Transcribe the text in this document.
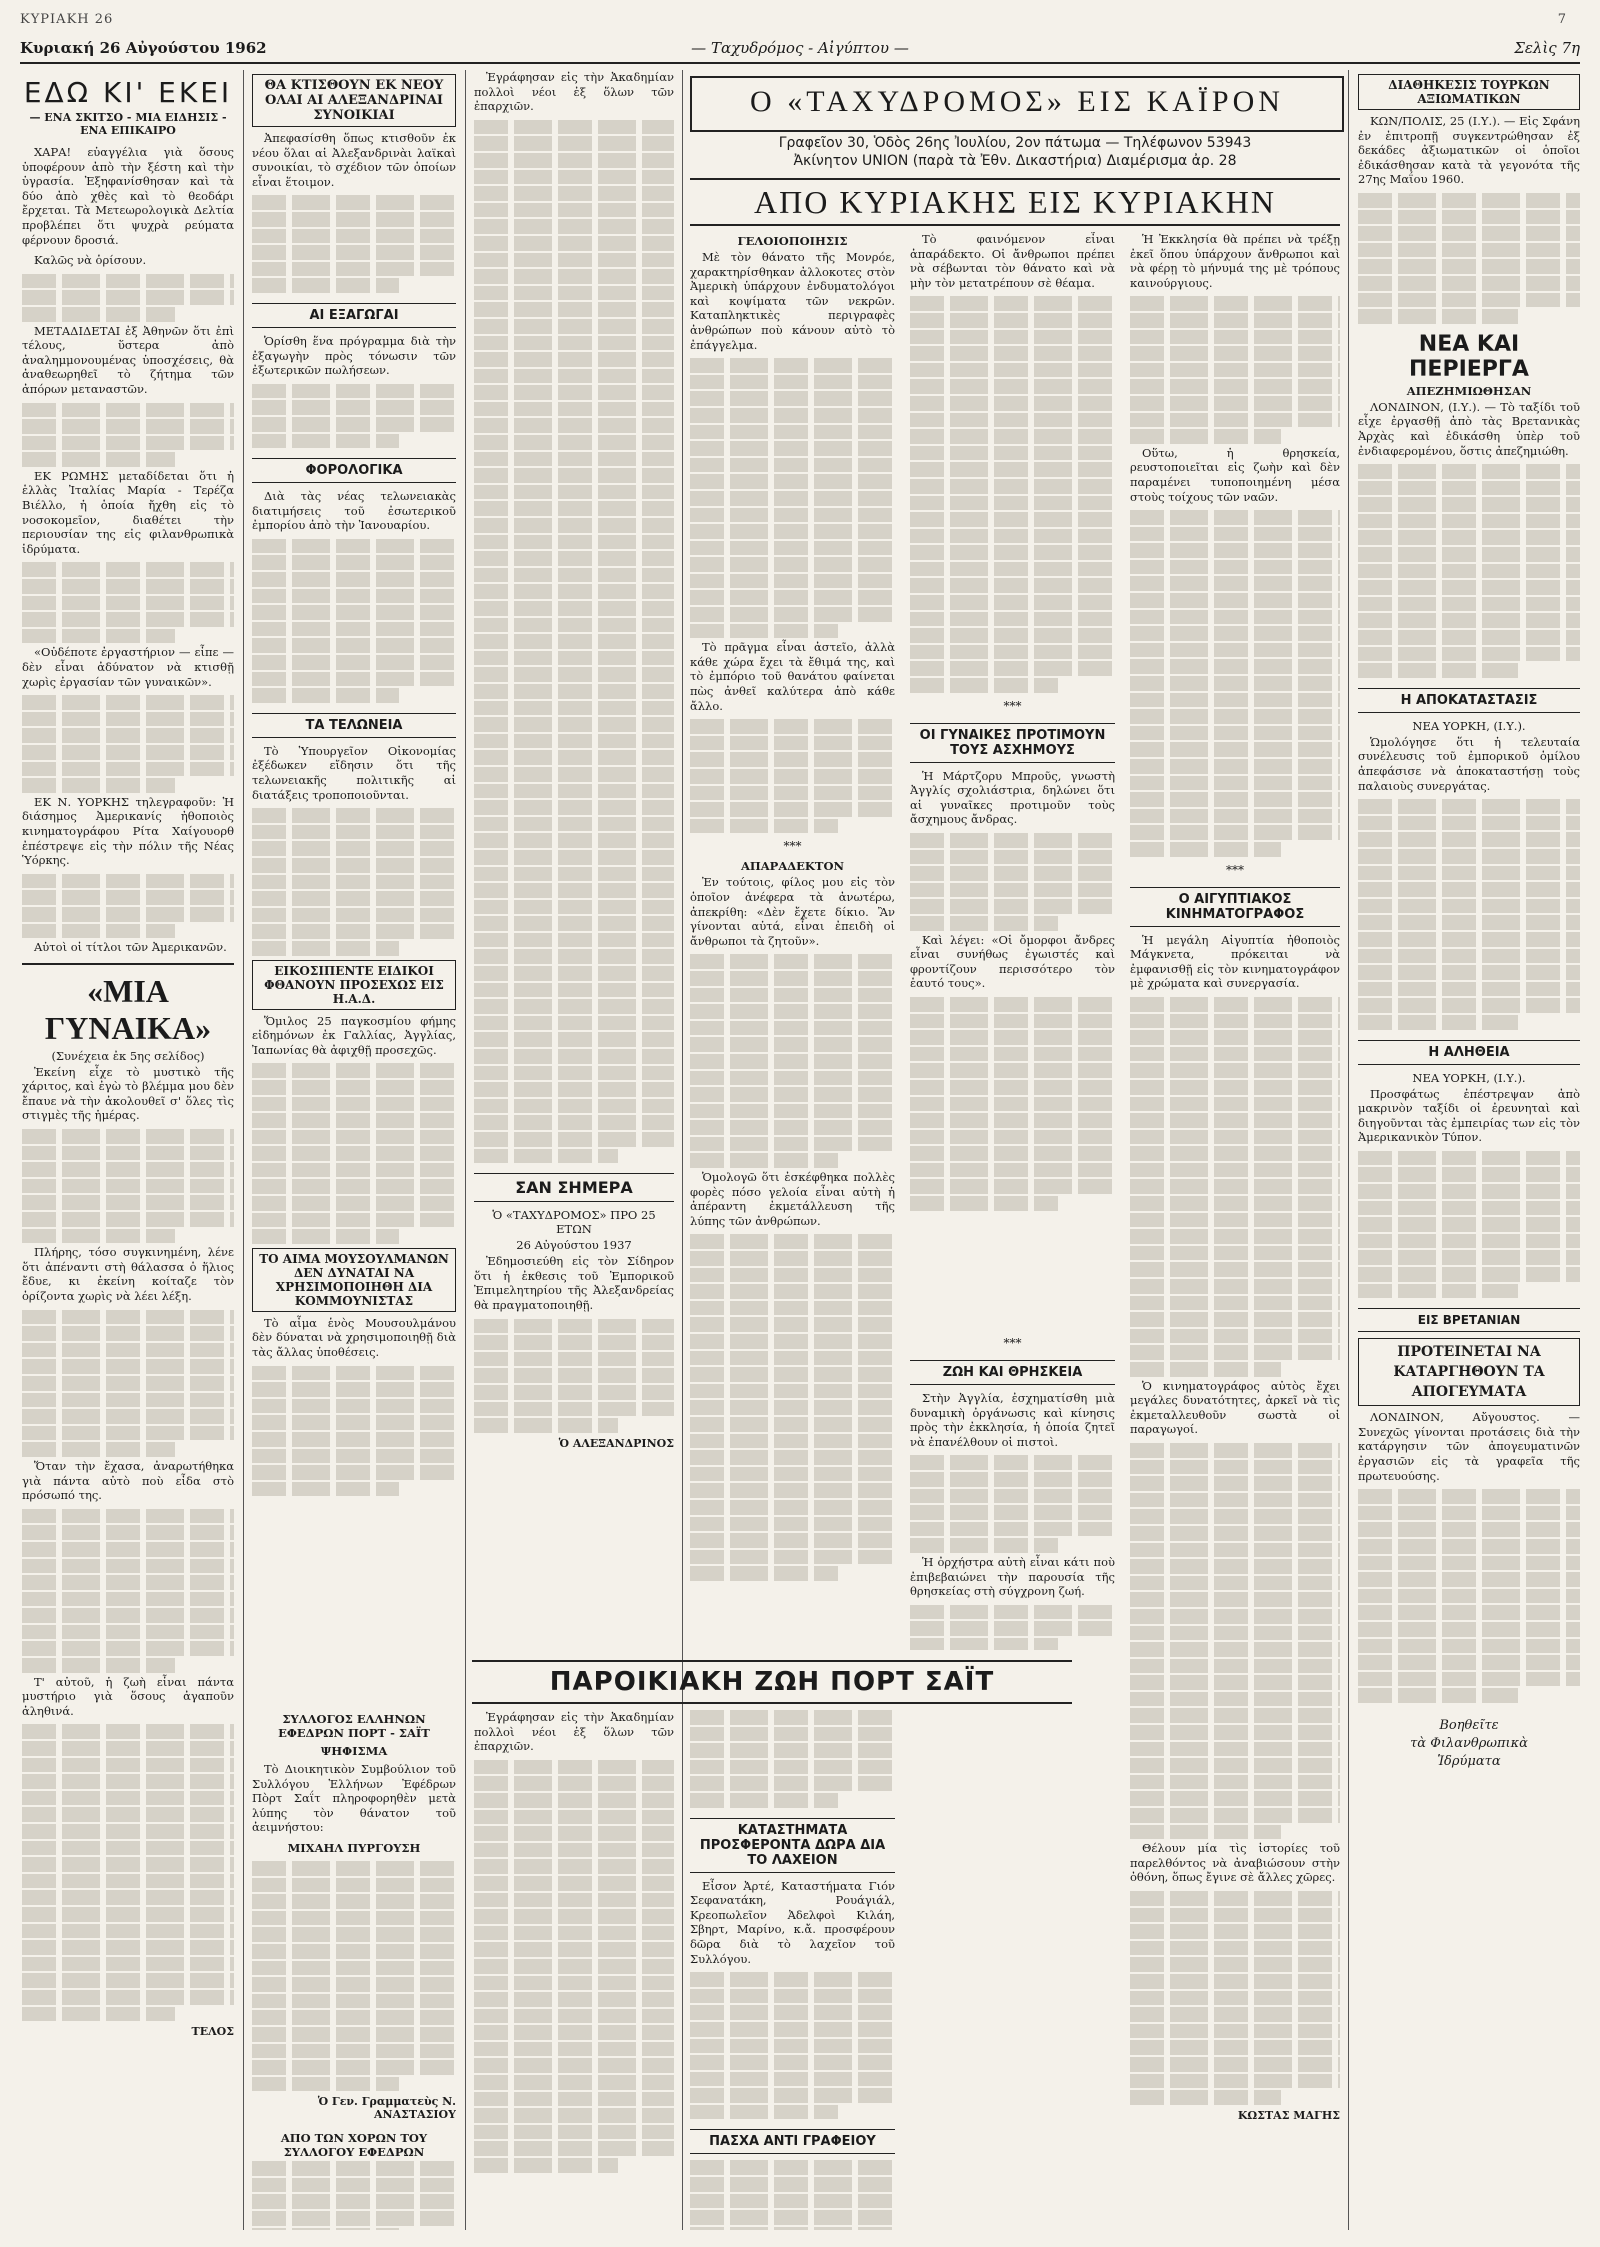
ΚΥΡΙΑΚΗ 26	7
Κυριακή 26 Αὐγούστου 1962	— Ταχυδρόμος - Αἰγύπτου —	Σελὶς 7η
ΕΔΩ ΚΙ' ΕΚΕΙ
— ΕΝΑ ΣΚΙΤΣΟ - ΜΙΑ ΕΙΔΗΣΙΣ - ΕΝΑ ΕΠΙΚΑΙΡΟ

ΧΑΡΑ! εὐαγγέλια γιὰ ὅσους ὑποφέρουν ἀπὸ τὴν ξέστη καὶ τὴν ὑγρασία. Ἐξηφανίσθησαν καὶ τὰ δύο ἀπὸ χθὲς καὶ τὸ θεοδάρι ἔρχεται. Τὰ Μετεωρολογικὰ Δελτία προβλέπει ὅτι ψυχρὰ ρεύματα φέρνουν δροσιά.

Καλῶς νὰ ὁρίσουν.

ΜΕΤΑΔΙΔΕΤΑΙ ἐξ Ἀθηνῶν ὅτι ἐπὶ τέλους, ὕστερα ἀπὸ ἀναλημμονουμένας ὑποσχέσεις, θὰ ἀναθεωρηθεῖ τὸ ζήτημα τῶν ἀπόρων μεταναστῶν.

ΕΚ ΡΩΜΗΣ μεταδίδεται ὅτι ἡ ἑλλὰς Ἰταλίας Μαρία - Τερέζα Βιέλλο, ἡ ὁποία ἤχθη εἰς τὸ νοσοκομεῖον, διαθέτει τὴν περιουσίαν της εἰς φιλανθρωπικὰ ἱδρύματα.

«Οὐδέποτε ἐργαστήριον — εἶπε — δὲν εἶναι ἀδύνατον νὰ κτισθῇ χωρὶς ἐργασίαν τῶν γυναικῶν».

ΕΚ Ν. ΥΟΡΚΗΣ τηλεγραφοῦν: Ἡ διάσημος Ἀμερικανίς ἠθοποιὸς κινηματογράφου Ρίτα Χαίγουορθ ἐπέστρεψε εἰς τὴν πόλιν τῆς Νέας Ὑόρκης.

Αὐτοὶ οἱ τίτλοι τῶν Ἀμερικανῶν.

«ΜΙΑ ΓΥΝΑΙΚΑ»
(Συνέχεια ἐκ 5ης σελίδος)

Ἐκείνη εἶχε τὸ μυστικὸ τῆς χάριτος, καὶ ἐγὼ τὸ βλέμμα μου δὲν ἔπαυε νὰ τὴν ἀκολουθεῖ σ' ὅλες τὶς στιγμὲς τῆς ἡμέρας.

Πλήρης, τόσο συγκινημένη, λένε ὅτι ἀπέναντι στὴ θάλασσα ὁ ἥλιος ἔδυε, κι ἐκείνη κοίταζε τὸν ὁρίζοντα χωρὶς νὰ λέει λέξη.

Ὅταν τὴν ἔχασα, ἀναρωτήθηκα γιὰ πάντα αὐτὸ ποὺ εἶδα στὸ πρόσωπό της.

Τ' αὐτοῦ, ἡ ζωὴ εἶναι πάντα μυστήριο γιὰ ὅσους ἀγαποῦν ἀληθινά.

ΤΕΛΟΣ
ΘΑ ΚΤΙΣΘΟΥΝ ΕΚ ΝΕΟΥ ΟΛΑΙ ΑΙ ΑΛΕΞΑΝΔΡΙΝΑΙ ΣΥΝΟΙΚΙΑΙ

Ἀπεφασίσθη ὅπως κτισθοῦν ἐκ νέου ὅλαι αἱ Ἀλεξανδρινὰι λαϊκαὶ συνοικίαι, τὸ σχέδιον τῶν ὁποίων εἶναι ἕτοιμον.

ΑΙ ΕΞΑΓΩΓΑΙ

Ὁρίσθη ἕνα πρόγραμμα διὰ τὴν ἐξαγωγὴν πρὸς τόνωσιν τῶν ἐξωτερικῶν πωλήσεων.

ΦΟΡΟΛΟΓΙΚΑ

Διὰ τὰς νέας τελωνειακὰς διατιμήσεις τοῦ ἐσωτερικοῦ ἐμπορίου ἀπὸ τὴν Ἰανουαρίου.

ΤΑ ΤΕΛΩΝΕΙΑ

Τὸ Ὑπουργεῖον Οἰκονομίας ἐξέδωκεν εἴδησιν ὅτι τῆς τελωνειακῆς πολιτικῆς αἱ διατάξεις τροποποιοῦνται.

ΕΙΚΟΣΙΠΕΝΤΕ ΕΙΔΙΚΟΙ ΦΘΑΝΟΥΝ ΠΡΟΣΕΧΩΣ ΕΙΣ Η.Α.Δ.

Ὅμιλος 25 παγκοσμίου φήμης εἰδημόνων ἐκ Γαλλίας, Ἀγγλίας, Ἰαπωνίας θὰ ἀφιχθῇ προσεχῶς.

ΤΟ ΑΙΜΑ ΜΟΥΣΟΥΛΜΑΝΩΝ ΔΕΝ ΔΥΝΑΤΑΙ ΝΑ ΧΡΗΣΙΜΟΠΟΙΗΘΗ ΔΙΑ ΚΟΜΜΟΥΝΙΣΤΑΣ

Τὸ αἷμα ἑνὸς Μουσουλμάνου δὲν δύναται νὰ χρησιμοποιηθῇ διὰ τὰς ἄλλας ὑποθέσεις.

Ἐγράφησαν εἰς τὴν Ἀκαδημίαν πολλοὶ νέοι ἐξ ὅλων τῶν ἐπαρχιῶν.

ΣΑΝ ΣΗΜΕΡΑ
Ὁ «ΤΑΧΥΔΡΟΜΟΣ» ΠΡΟ 25 ΕΤΩΝ
26 Αὐγούστου 1937

Ἐδημοσιεύθη εἰς τὸν Σίδηρον ὅτι ἡ ἐκθεσις τοῦ Ἐμπορικοῦ Ἐπιμελητηρίου τῆς Ἀλεξανδρείας θὰ πραγματοποιηθῇ.

Ὁ ΑΛΕΞΑΝΔΡΙΝΟΣ
Ο «ΤΑΧΥΔΡΟΜΟΣ» ΕΙΣ ΚΑΪΡΟΝ
Γραφεῖον 30, Ὁδὸς 26ης Ἰουλίου, 2ον πάτωμα — Τηλέφωνον 53943
Ἀκίνητον UNION (παρὰ τὰ Ἐθν. Δικαστήρια) Διαμέρισμα ἀρ. 28
ΑΠΟ ΚΥΡΙΑΚΗΣ ΕΙΣ ΚΥΡΙΑΚΗΝ
ΓΕΛΟΙΟΠΟΙΗΣΙΣ

Μὲ τὸν θάνατο τῆς Μονρόε, χαρακτηρίσθηκαν ἀλλοκοτες στὸν Ἀμερικὴ ὑπάρχουν ἐνδυματολόγοι καὶ κοψίματα τῶν νεκρῶν. Καταπληκτικὲς περιγραφὲς ἀνθρώπων ποὺ κάνουν αὐτὸ τὸ ἐπάγγελμα.

Τὸ πρᾶγμα εἶναι ἀστεῖο, ἀλλὰ κάθε χώρα ἔχει τὰ ἔθιμά της, καὶ τὸ ἐμπόριο τοῦ θανάτου φαίνεται πὼς ἀνθεῖ καλύτερα ἀπὸ κάθε ἄλλο.

***
ΑΠΑΡΑΔΕΚΤΟΝ

Ἐν τούτοις, φίλος μου εἰς τὸν ὁποῖον ἀνέφερα τὰ ἀνωτέρω, ἀπεκρίθη: «Δὲν ἔχετε δίκιο. Ἂν γίνονται αὐτά, εἶναι ἐπειδὴ οἱ ἄνθρωποι τὰ ζητοῦν».

Ὁμολογῶ ὅτι ἐσκέφθηκα πολλὲς φορὲς πόσο γελοία εἶναι αὐτὴ ἡ ἀπέραντη ἐκμετάλλευση τῆς λύπης τῶν ἀνθρώπων.

Τὸ φαινόμενον εἶναι ἀπαράδεκτο. Οἱ ἄνθρωποι πρέπει νὰ σέβωνται τὸν θάνατο καὶ νὰ μὴν τὸν μετατρέπουν σὲ θέαμα.

***
ΟΙ ΓΥΝΑΙΚΕΣ ΠΡΟΤΙΜΟΥΝ ΤΟΥΣ ΑΣΧΗΜΟΥΣ

Ἡ Μάρτζορυ Μπροῦς, γνωστὴ Ἀγγλίς σχολιάστρια, δηλώνει ὅτι αἱ γυναῖκες προτιμοῦν τοὺς ἄσχημους ἄνδρας.

Καὶ λέγει: «Οἱ ὄμορφοι ἄνδρες εἶναι συνήθως ἐγωιστές καὶ φροντίζουν περισσότερο τὸν ἑαυτό τους».

Ἡ Ἐκκλησία θὰ πρέπει νὰ τρέξῃ ἐκεῖ ὅπου ὑπάρχουν ἄνθρωποι καὶ νὰ φέρῃ τὸ μήνυμά της μὲ τρόπους καινούργιους.

Οὕτω, ἡ θρησκεία, ρευστοποιεῖται εἰς ζωὴν καὶ δὲν παραμένει τυποποιημένη μέσα στοὺς τοίχους τῶν ναῶν.

***
Ο ΑΙΓΥΠΤΙΑΚΟΣ ΚΙΝΗΜΑΤΟΓΡΑΦΟΣ

Ἡ μεγάλη Αἰγυπτία ἠθοποιὸς Μάγκνετα, πρόκειται νὰ ἐμφανισθῇ εἰς τὸν κινηματογράφον μὲ χρώματα καὶ συνεργασία.

Ὁ κινηματογράφος αὐτὸς ἔχει μεγάλες δυνατότητες, ἀρκεῖ νὰ τὶς ἐκμεταλλευθοῦν σωστὰ οἱ παραγωγοί.

Θέλουν μία τὶς ἱστορίες τοῦ παρελθόντος νὰ ἀναβιώσουν στὴν ὀθόνη, ὅπως ἔγινε σὲ ἄλλες χῶρες.

ΚΩΣΤΑΣ ΜΑΓΗΣ
***
ΖΩΗ ΚΑΙ ΘΡΗΣΚΕΙΑ

Στὴν Ἀγγλία, ἐσχηματίσθη μιὰ δυναμικὴ ὀργάνωσις καὶ κίνησις πρὸς τὴν ἐκκλησία, ἡ ὁποία ζητεῖ νὰ ἐπανέλθουν οἱ πιστοὶ.

Ἡ ὀρχήστρα αὐτὴ εἶναι κάτι ποὺ ἐπιβεβαιώνει τὴν παρουσία τῆς θρησκείας στὴ σύγχρονη ζωή.

ΠΑΡΟΙΚΙΑΚΗ ΖΩΗ ΠΟΡΤ ΣΑΪΤ

Ἐγράφησαν εἰς τὴν Ἀκαδημίαν πολλοὶ νέοι ἐξ ὅλων τῶν ἐπαρχιῶν.

ΣΥΛΛΟΓΟΣ ΕΛΛΗΝΩΝ ΕΦΕΔΡΩΝ ΠΟΡΤ - ΣΑΪΤ
ΨΗΦΙΣΜΑ

Τὸ Διοικητικὸν Συμβούλιον τοῦ Συλλόγου Ἑλλήνων Ἐφέδρων Πὸρτ Σαΐτ πληροφορηθὲν μετὰ λύπης τὸν θάνατον τοῦ ἀειμνήστου:

ΜΙΧΑΗΛ ΠΥΡΓΟΥΣΗ
Ὁ Γεν. Γραμματεὺς Ν. ΑΝΑΣΤΑΣΙΟΥ
ΑΠΟ ΤΩΝ ΧΟΡΩΝ ΤΟΥ ΣΥΛΛΟΓΟΥ ΕΦΕΔΡΩΝ
ΚΑΤΑΣΤΗΜΑΤΑ ΠΡΟΣΦΕΡΟΝΤΑ ΔΩΡΑ ΔΙΑ ΤΟ ΛΑΧΕΙΟΝ

Εἶσον Ἀρτέ, Καταστήματα Γιόν Σεφανατάκη, Ρουάγιάλ, Κρεοπωλεῖον Ἀδελφοὶ Κιλάη, Σβηρτ, Μαρίνο, κ.ἄ. προσφέρουν δῶρα διὰ τὸ λαχεῖον τοῦ Συλλόγου.

ΠΑΣΧΑ ΑΝΤΙ ΓΡΑΦΕΙΟΥ
ΔΙΑΘΗΚΕΣΙΣ ΤΟΥΡΚΩΝ ΑΞΙΩΜΑΤΙΚΩΝ

ΚΩΝ/ΠΟΛΙΣ, 25 (Ι.Υ.). — Εἰς Σφάνη ἐν ἐπιτροπῇ συγκεντρώθησαν ἐξ δεκάδες ἀξιωματικῶν οἱ ὁποῖοι ἐδικάσθησαν κατὰ τὰ γεγονότα τῆς 27ης Μαΐου 1960.

ΝΕΑ ΚΑΙ ΠΕΡΙΕΡΓΑ
ΑΠΕΖΗΜΙΩΘΗΣΑΝ

ΛΟΝΔΙΝΟΝ, (Ι.Υ.). — Τὸ ταξίδι τοῦ εἶχε ἐργασθῇ ἀπὸ τὰς Βρετανικὰς Ἀρχὰς καὶ ἐδικάσθη ὑπὲρ τοῦ ἐνδιαφερομένου, ὅστις ἀπεζημιώθη.

Η ΑΠΟΚΑΤΑΣΤΑΣΙΣ
ΝΕΑ ΥΟΡΚΗ, (Ι.Υ.).

Ὡμολόγησε ὅτι ἡ τελευταία συνέλευσις τοῦ ἐμπορικοῦ ὁμίλου ἀπεφάσισε νὰ ἀποκαταστήσῃ τοὺς παλαιοὺς συνεργάτας.

Η ΑΛΗΘΕΙΑ
ΝΕΑ ΥΟΡΚΗ, (Ι.Υ.).

Προσφάτως ἐπέστρεψαν ἀπὸ μακρινὸν ταξίδι οἱ ἐρευνηταὶ καὶ διηγοῦνται τὰς ἐμπειρίας των εἰς τὸν Ἀμερικανικὸν Τύπον.

ΕΙΣ ΒΡΕΤΑΝΙΑΝ
ΠΡΟΤΕΙΝΕΤΑΙ ΝΑ ΚΑΤΑΡΓΗΘΟΥΝ ΤΑ ΑΠΟΓΕΥΜΑΤΑ

ΛΟΝΔΙΝΟΝ, Αὔγουστος. — Συνεχῶς γίνονται προτάσεις διὰ τὴν κατάργησιν τῶν ἀπογευματινῶν ἐργασιῶν εἰς τὰ γραφεῖα τῆς πρωτευούσης.

Βοηθεῖτε
τὰ Φιλανθρωπικὰ
Ἱδρύματα
